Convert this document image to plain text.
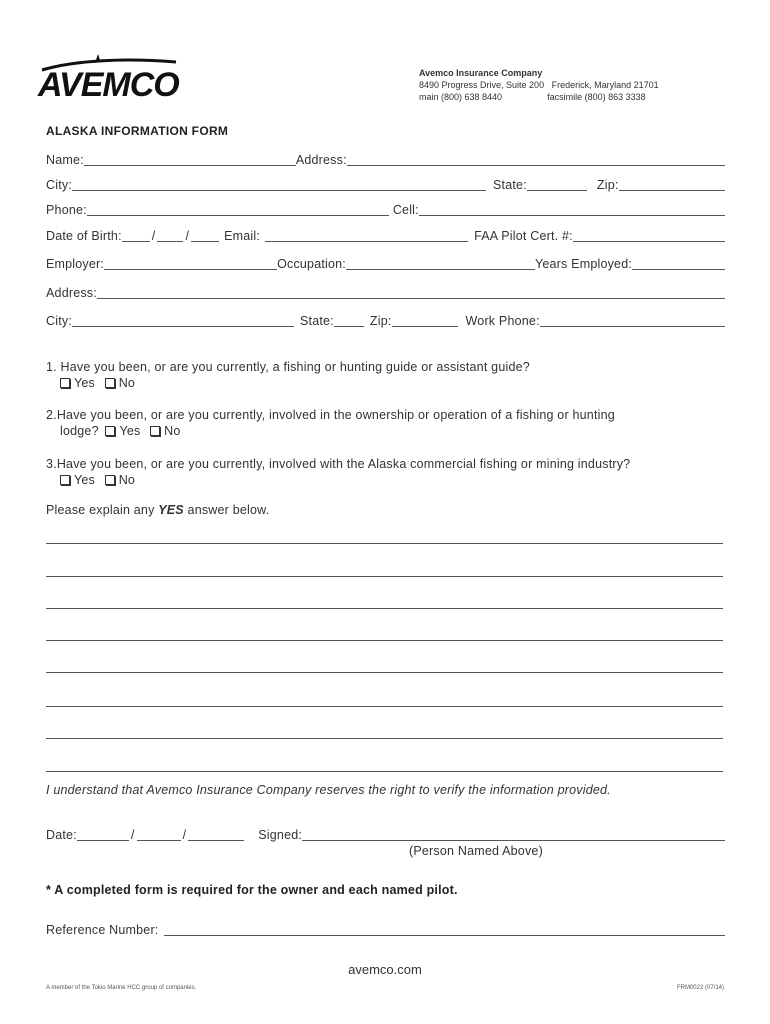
AVEMCO	Avemco Insurance Company
8490 Progress Drive, Suite 200 Frederick, Maryland 21701
main (800) 638 8440	facsimile (800) 863 3338
ALASKA INFORMATION FORM
Name:	Address:
City:	State:	Zip:
Phone:	Cell:
Date of Birth: / /	Email:	FAA Pilot Cert. #:
Employer:	Occupation:	Years Employed:
Address:
City:	State:	Zip:	Work Phone:
1. Have you been, or are you currently, a fishing or hunting guide or assistant guide?
Yes No
2.Have you been, or are you currently, involved in the ownership or operation of a fishing or hunting
lodge? Yes No
3.Have you been, or are you currently, involved with the Alaska commercial fishing or mining industry?
Yes No
Please explain any YES answer below.
I understand that Avemco Insurance Company reserves the right to verify the information provided.
Date:	/	/	Signed:
(Person Named Above)
* A completed form is required for the owner and each named pilot.
Reference Number:
avemco.com
A member of the Tokio Marine HCC group of companies.	FRM0022 (07/14)
